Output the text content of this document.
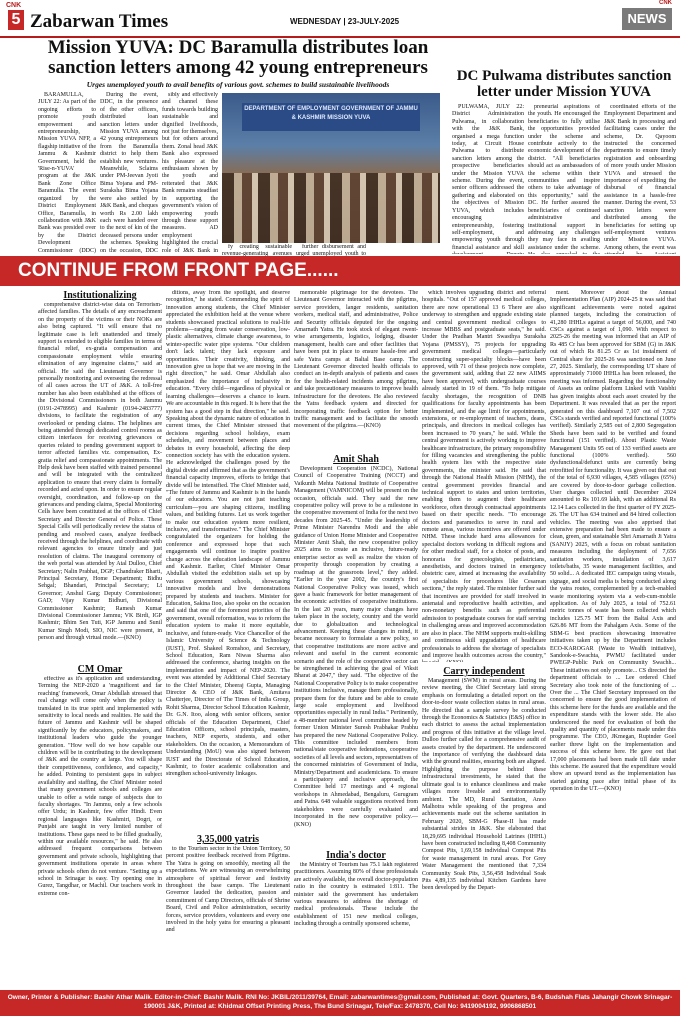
CNK
5 Zabarwan Times	WEDNESDAY | 23-JULY-2025
CNK
NEWS
Mission YUVA: DC Baramulla distributes loan sanction letters among 42 young entrepreneurs
Urges unemployed youth to avail benefits of various govt. schemes to build sustainable livelihoods

BARAMULLA, JULY 22: As part of the ongoing efforts to promote youth empowerment and entrepreneurship, Mission YUVA NFP, a flagship initiative of the Jammu & Kashmir Government, held the 'Rise-n-YUVA' program at the J&K Bank Zone Office Baramulla. The event organized by the District Employment Office, Baramulla, in collaboration with J&K Bank was presided over by the District Development Commissioner (DDC)

During the event, DDC, in the presence of the other officers, distributed loan sanction letters under Mission YUVA among 42 young entrepreneurs from the Baramulla district to help them establish new ventures. Meanwhile, Sclaims under PM-Jeevan Jyoti Bima Yojana and PM-Suraksha Bima Yojana were also settled by J&K Bank, and cheques worth Rs 2.00 lakh each were handed over to the next of kin of the deceased persons under the schemes. Speaking on the occasion, DDC

sibly and effectively and channel these funds towards building sustainable and dignified livelihoods, not just for themselves, but for others around them. Zonal head J&K Bank also expressed his pleasure at the enthusiasm shown by the youth and reiterated that J&K Bank remains steadfast in supporting the government's vision of empowering youth through these support measures. AD employment highlighted the crucial role of J&K Bank in

DEPARTMENT OF EMPLOYMENT GOVERNMENT OF JAMMU & KASHMIR MISSION YUVA

fy creating sustainable revenue-generating avenues

further disbursement and urged unemployed youth to

DC Pulwama distributes sanction letter under Mission YUVA

PULWAMA, JULY 22: District Administration Pulwama, in collaboration with the J&K Bank, organised a mega function today, at Circuit House Pulwama to distribute sanction letters among the prospective beneficiaries under the Mission YUVA scheme. During the event, senior officers addressed the gathering and elaborated on the objectives of Mission YUVA, which includes encouraging entrepreneurship, fostering self-employment, and empowering youth through financial assistance and skill

preneurial aspirations of the youth. He encouraged the beneficiaries to fully utilise the opportunities provided under the scheme and contribute actively to the economic development of the district. "All beneficiaries should act as ambassadors of the scheme within their communities and inspire others to take advantage of this opportunity," said the DC. He further assured the beneficiaries of continued administrative and institutional support in addressing any challenges they may face in availing assistance under the scheme.

coordinated efforts of the Employment Department and J&K Bank in processing and facilitating cases under the scheme, Dr. Qayoom instructed the concerned departments to ensure timely registration and onboarding of more youth under Mission YUVA and stressed the importance of expediting the disbursal of financial assistance in a hassle-free manner. During the event, 53 sanction letters were distributed among the beneficiaries for setting up self-employment ventures under Mission YUVA. Among others, the event was

CONTINUE FROM FRONT PAGE......
Institutionalizing

comprehensive district-wise data on Terrorism-affected families. The details of any encroachment on the property of the victims or their NOKs are also being captured. "It will ensure that no legitimate case is left unattended and timely support is extended to eligible families in terms of financial relief, ex-gratia compensation and compassionate employment while ensuring elimination of any ingenuine claims," said an official. He said the Lieutenant Governor is personally monitoring and overseeing the redressal of all cases across the UT of J&K. A toll-free number has also been established at the offices of the Divisional Commissioners in both Jammu (0191-2478995) and Kashmir (0194-2483777) divisions, to facilitate the registration of any overlooked or pending claims. The helplines are being attended through dedicated control rooms as citizen interfaces for receiving grievances or queries related to pending government support to terror affected families viz. compensation, Ex-gratia relief and compassionate appointments. The Help desk have been staffed with trained personnel and will be integrated with the centralized application to ensure that every claim is formally recorded and acted upon. In order to ensure regular oversight, coordination, and follow-up on the grievances and pending claims, Special Monitoring Cells have been constituted at the offices of Chief Secretary and Director General of Police. These Special Cells will periodically review the status of pending and resolved cases, analyze feedback received through the helplines, and coordinate with relevant agencies to ensure timely and just resolution of claims. The inaugural ceremony of the web portal was attended by Atal Dulloo, Chief Secretary; Nalin Prabhat, DGP; Chandraker Bharti, Principal Secretary, Home Department; Bidhu Sehgal; Bhandari, Principal Secretary; Lt Governor; Anshul Garg; Deputy Commissioner; GAD; Vijay Kumar Bidhuri, Divisional Commissioner Kashmir; Ramesh Kumar Divisional Commissioner Jammu; VK Birdi, IGP Kashmir; Bhim Sen Tuti, IGP Jammu and Sunil Kumar Singh Modi, SIO, NIC were present, in person and through virtual mode.—(KNO)

CM Omar

effective as it's application and understanding. Terming the NEP-2020 a 'magnificent and far reaching' framework, Omar Abdullah stressed that real change will come only when the policy is translated in its true spirit and implemented with sensitivity to local needs and realities. He said the future of Jammu and Kashmir will be shaped significantly by the educators, policymakers, and institutional leaders who guide the younger generation. "How well do we how capable our children will be in contributing to the development of J&K and the country at large. You will shape their competitiveness, confidence, and capacity," he added. Pointing to persistent gaps in subject availability and staffing, the Chief Minister noted that many government schools and colleges are unable to offer a wide range of subjects due to faculty shortages. "In Jammu, only a few schools offer Urdu; in Kashmir, few offer Hindi. Even regional languages like Kashmiri, Dogri, or Punjabi are taught in very limited number of institutions. These gaps need to be filled gradually, within our available resources," he said. He also addressed frequent comparisons between government and private schools, highlighting that government institutions operate in areas where private schools often do not venture. "Setting up a school in Srinagar is easy. Try opening one in Gurez, Tangdhar, or Machil. Our teachers work in extreme con-

ditions, away from the spotlight, and deserve recognition," he stated. Commending the spirit of innovation among students, the Chief Minister appreciated the exhibition held at the venue where students showcased practical solutions to real-life problems—ranging from water conservation, low-plastic alternatives, climate change awareness, to winter-specific water pipe systems. "Our children don't lack talent; they lack exposure and opportunities. Their creativity, thinking, and innovation give us hope that we are moving in the right direction," he said. Omar Abdullah also emphasized the importance of inclusivity in education. "Every child—regardless of physical or learning challenges—deserves a chance to learn. We are accountable in this regard. It is here that the system has a good step in that direction," he said. Speaking about the dynamic nature of education in current times, the Chief Minister stressed that decisions regarding school holidays, exam schedules, and movement between places and debates in every household, affecting the deep connection society has with the education system. He acknowledged the challenges posed by the digital divide and affirmed that as the government's financial capacity improves, efforts to bridge that divide will be intensified. The Chief Minister said, "The future of Jammu and Kashmir is in the hands of our educators. You are not just teaching curriculum—you are shaping citizens, instilling values, and building futures. Let us work together to make our education system more resilient, inclusive, and transformative." The Chief Minister congratulated the organizers for holding the conference and expressed hope that such engagements will continue to inspire positive change across the education landscape of Jammu and Kashmir. Earlier, Chief Minister Omar Abdullah visited the exhibition stalls set up by various government schools, showcasing innovative models and live demonstrations prepared by students and teachers. Minister for Education, Sakina Itoo, also spoke on the occasion and said that one of the foremost priorities of the government, overall reformation, was to reform the education system to make it more equitable, inclusive, and future-ready. Vice Chancellor of the Islamic University of Science & Technology (IUST), Prof. Shakeel Romshoo, and Secretary, School Education, Ram Niwas Sharma also addressed the conference, sharing insights on the implementation and impact of NEP-2020. The event was attended by Additional Chief Secretary to the Chief Minister, Dheeraj Gupta, Managing Director & CEO of J&K Bank, Amitava Chatterjee, Director of The Times of India Group, Rohit Sharma, Director School Education Kashmir, Dr. G.N. Itoo, along with senior officers, senior officials of the Education Department, Chief Education Officers, school principals, masters, teachers, NEP experts, students, and other stakeholders. On the occasion, a Memorandum of Understanding (MoU) was also signed between IUST and the Directorate of School Education, Kashmir, to foster academic collaboration and strengthen school-university linkages.

3,35,000 yatris

to the Tourism sector in the Union Territory, 50 percent positive feedback received from Pilgrims. The Yatra is going on smoothly, meeting all the expectations. We are witnessing an overwhelming atmosphere of spiritual fervor and festivity throughout the base camps. The Lieutenant Governor lauded the dedication, passion and commitment of Camp Directors, officials of Shrine Board, Civil and Police administration, security forces, service providers, volunteers and every one involved in the holy yatra for ensuring a pleasant and

memorable pilgrimage for the devotees. The Lieutenant Governor interacted with the pilgrims, service providers, langer residents, sanitation workers, medical staff, and administrative, Police and Security officials deputed for the ongoing Amarnath Yatra. He took stock of elegant rwent-wise arrangements, logistics, lodging, disaster management, health care and other facilities that have been put in place to ensure hassle-free and safe Yatra camps at Baltal Base camp. The Lieutenant Governor directed health officials to conduct an in-depth analysis of patients and cases for the health-related incidents among pilgrims, and take precautionary measures to improve health infrastructure for the devotees. He also reviewed the Yatra feedback system and directed for incorporating traffic feedback option for better traffic management and to facilitate the smooth movement of the pilgrims.—(KNO)

Amit Shah

Development Cooperation (NCDC), National Council of Cooperative Training (NCCT) and Vaikunth Mehta National Institute of Cooperative Management (VAMNICOM) will be present on the occasion, officials said. They said the new cooperative policy will prove to be a milestone in the cooperative movement of India for the next two decades from 2025-45. "Under the leadership of Prime Minister Narendra Modi and the able guidance of Union Home Minister and Cooperative Minister Amit Shah, the new cooperative policy 2025 aims to create an inclusive, future-ready enterprise sector as well as realize the vision of prosperity through cooperation by creating a roadmap at the grassroots level," they added. "Earlier in the year 2002, the country's first National Cooperative Policy was issued, which gave a basic framework for better management of the economic activities of cooperative institutions. In the last 20 years, many major changes have taken place in the society, country and the world due to globalization and technological advancement. Keeping these changes in mind, it became necessary to formulate a new policy, so that cooperative institutions are more active and relevant and useful in the current economic scenario and the role of the cooperative sector can be strengthened in achieving the goal of Viksit Bharat at 2047," they said. "The objective of the National Cooperative Policy is to make cooperative institutions inclusive, manage them professionally, prepare them for the future and be able to create large scale employment and livelihood opportunities especially in rural India." Pertinently, a 48-member national level committee headed by former Union Minister Suresh Prabhakar Prabhu has prepared the new National Cooperative Policy. This committee included members from national/state cooperative federations, cooperative societies of all levels and sectors, representatives of the concerned ministries of Government of India, Ministry/Department and academicians. To ensure a participatory and inclusive approach, the Committee held 17 meetings and 4 regional workshops in Ahmedabad, Bengaluru, Gurugram and Patna. 648 valuable suggestions received from stakeholders were carefully evaluated and incorporated in the new cooperative policy.—(KNO)

India's doctor

the Ministry of Tourism has 75.1 lakh registered practitioners. Assuming 80% of these professionals are actively available, the overall doctor-population ratio in the country is estimated 1:811. The minister said the government has undertaken various measures to address the shortage of medical professionals. These include the establishment of 151 new medical colleges, including through a centrally sponsored scheme,

which involves upgrading district and referral hospitals. "Out of 157 approved medical colleges, there are now operational 13 6 There are also underway to strengthen and upgrade existing state and central government medical colleges to increase MBBS and postgraduate seats," he said. Under the Pradhan Mantri Swasthya Suraksha Yojana (PMSSY), 75 projects for upgrading government medical colleges—particularly constructing super-specialty blocks—have been approved, with 71 of these projects now complete, the government said, adding that 22 new AIIMS have been approved, with undergraduate courses already started in 19 of them. "To help mitigate faculty shortages, the recognition of DNB qualifications for faculty appointments has been implemented, and the age limit for appointments, extensions, or re-employment of teachers, deans, principals, and directors in medical colleges has been increased to 70 years," he said. While the central government is actively working to improve healthcare infrastructure, the primary responsibility for filling vacancies and strengthening the public health system lies with the respective state governments, the minister said. He said that through the National Health Mission (NHM), the central government provides financial and technical support to states and union territories, enabling them to augment their healthcare workforce, often through contractual appointments based on their specific needs. "To encourage doctors and paramedics to serve in rural and remote areas, various incentives are offered under NHM. These include hard area allowances for specialist doctors working in difficult regions and for other medical staff, for a choice of posts, and honoraria for gynecologists, pediatricians, anesthetists, and doctors trained in emergency obstetric care, aimed at increasing the availability of specialists for procedures like Cesarean sections," the reply stated. The minister further said that incentives are provided for staff involved in antenatal and reproductive health activities, and non-monetary benefits such as preferential admission to postgraduate courses for staff serving in challenging areas and improved accommodation are also in place. The NHM supports multi-skilling and continuous skill upgradation of healthcare professionals to address the shortage of specialists and improve health outcomes across the country,"

Carry independent

Management (SWM) in rural areas. During the review meeting, the Chief Secretary laid strong emphasis on formulating a detailed report on the door-to-door waste collection status in rural areas. He directed that a sample survey be conducted through the Economics & Statistics (E&S) office in each district to assess the actual implementation and progress of this initiative at the village level. Dulloo further called for a comprehensive audit of assets created by the department. He underscored the importance of verifying the dashboard data with the ground realities, ensuring both are aligned. Highlighting the purpose behind these infrastructural investments, he stated that the ultimate goal is to enhance cleanliness and make villages more liveable and environmentally ambient. The MD, Rural Sanitation, Anoo Malhotra while speaking of the progress and achievements made out the scheme sanitation in February 2020, SBM-G Phase-II has made substantial strides in J&K. She elaborated that 18,29,695 individual Household Latrines (IHHL) have been constructed including 8,408 Community Compost Pits, 1,69,158 individual Compost Pits for waste management in rural areas. For Grey Water Management the mentioned that 7,334 Community Soak Pits, 3,56,458 Individual Soak Pits 4,89,135 individual Kitchen Gardens have been developed by the Depart-

ment. Moreover about the Annual Implementation Plan (AIP) 2024-25 it was said that significant achievements were noted against planned targets, including the construction of 41,280 IHHLs against a target of 56,000, and 740 CSCs against a target of 1,090. With respect to 2025-26 the meeting was informed that an AIP of Rs 485 Cr has been approved for SBM (G) in J&K out of which Rs 81.25 Cr as 1st instalment of Central share for 2025-26 was sanctioned on June 27, 2025. Similarly, the corresponding UT share of approximately 71000 IHHLs has been released, the meeting was informed. Regarding the functionality of Assets an online platform Linked with Vatsbhi has given insights about each asset created by the Department. It was revealed that as per the report generated on this dashboard 7,107 out of 7,502 CSCs stands verified and reported functional (100% verified). Similarly 2,585 out of 2,800 Segregation Sheds have been said to be verified and found functional (151 verified). About Plastic Waste Management Units 95 out of 133 verified assets are functional (100% verified). 560 dysfunctional/defunct units are currently being retrofitted for functionality. It was given out that out of the total of 6,930 villages, 4,585 villages (65%) are covered by door-to-door garbage collection. User charges collected until December 2024 amounted to Rs 101.69 lakh, with an additional Rs 12.14 Lacs collected in the first quarter of FY 2025-26. The UT has 634 trained and 84 hired collection vehicles. The meeting was also apprised that extensive preparation had been made to ensure a clean, green, and sustainable Shri Amarnath Ji Yatra (SANJY) 2025, with a focus on robust sanitation measures including the deployment of 7,656 sanitation workers, installation of 3,617 toilets/baths, 35 waste management facilities, and 50 solid... A dedicated IEC campaign using visuals, signage, and social media is being conducted along the yatra routes, complemented by a tech-enabled waste monitoring system via a web-cum-mobile application. As of July 2025, a total of 752.61 metric tonnes of waste has been collected which includes 125.75 MT from the Baltal Axis and 626.86 MT from the Pahalgam Axis. Some of the SBM-G best practices showcasing innovative initiatives taken up by the Department includes ECO-KAROGAR (Waste to Wealth initiative), Sandook-e-Swachta, PWMU facilitated under PWEGP-Public Park on Community Swachh... These initiatives not only promote... CS directed the department officials to ... Lee ordered Chief Secretary also took note of the functioning of ... Over the ... The Chief Secretary impressed on the concerned to ensure the good implementation of this scheme here for the funds are available and the expenditure stands with the lower side. He also underscored the need for evaluation of both the quality and quantity of placements made under this programme. The CEO, JKmegan, Rupinder Goel earlier threw light on the implementation and success of this scheme here. He gave out that 17,000 placements had been made till date under this scheme. He assured that the expenditure would show an upward trend as the implementation has started gaining pace after initial phase of its operation in the UT.—(KNO)

Owner, Printer & Publisher: Bashir Athar Malik. Editor-in-Chief: Bashir Malik. RNI No: JKBIL/2011/39764, Email: zabarwantimes@gmail.com, Published at: Govt. Quarters, B-6, Budshah Flats Jahangir Chowk Srinagar-190001 J&K, Printed at: Khidmat Offset Printing Press, The Bund Srinagar, Tele/Fax: 2478370, Cell No: 9419004192, 9906868501
